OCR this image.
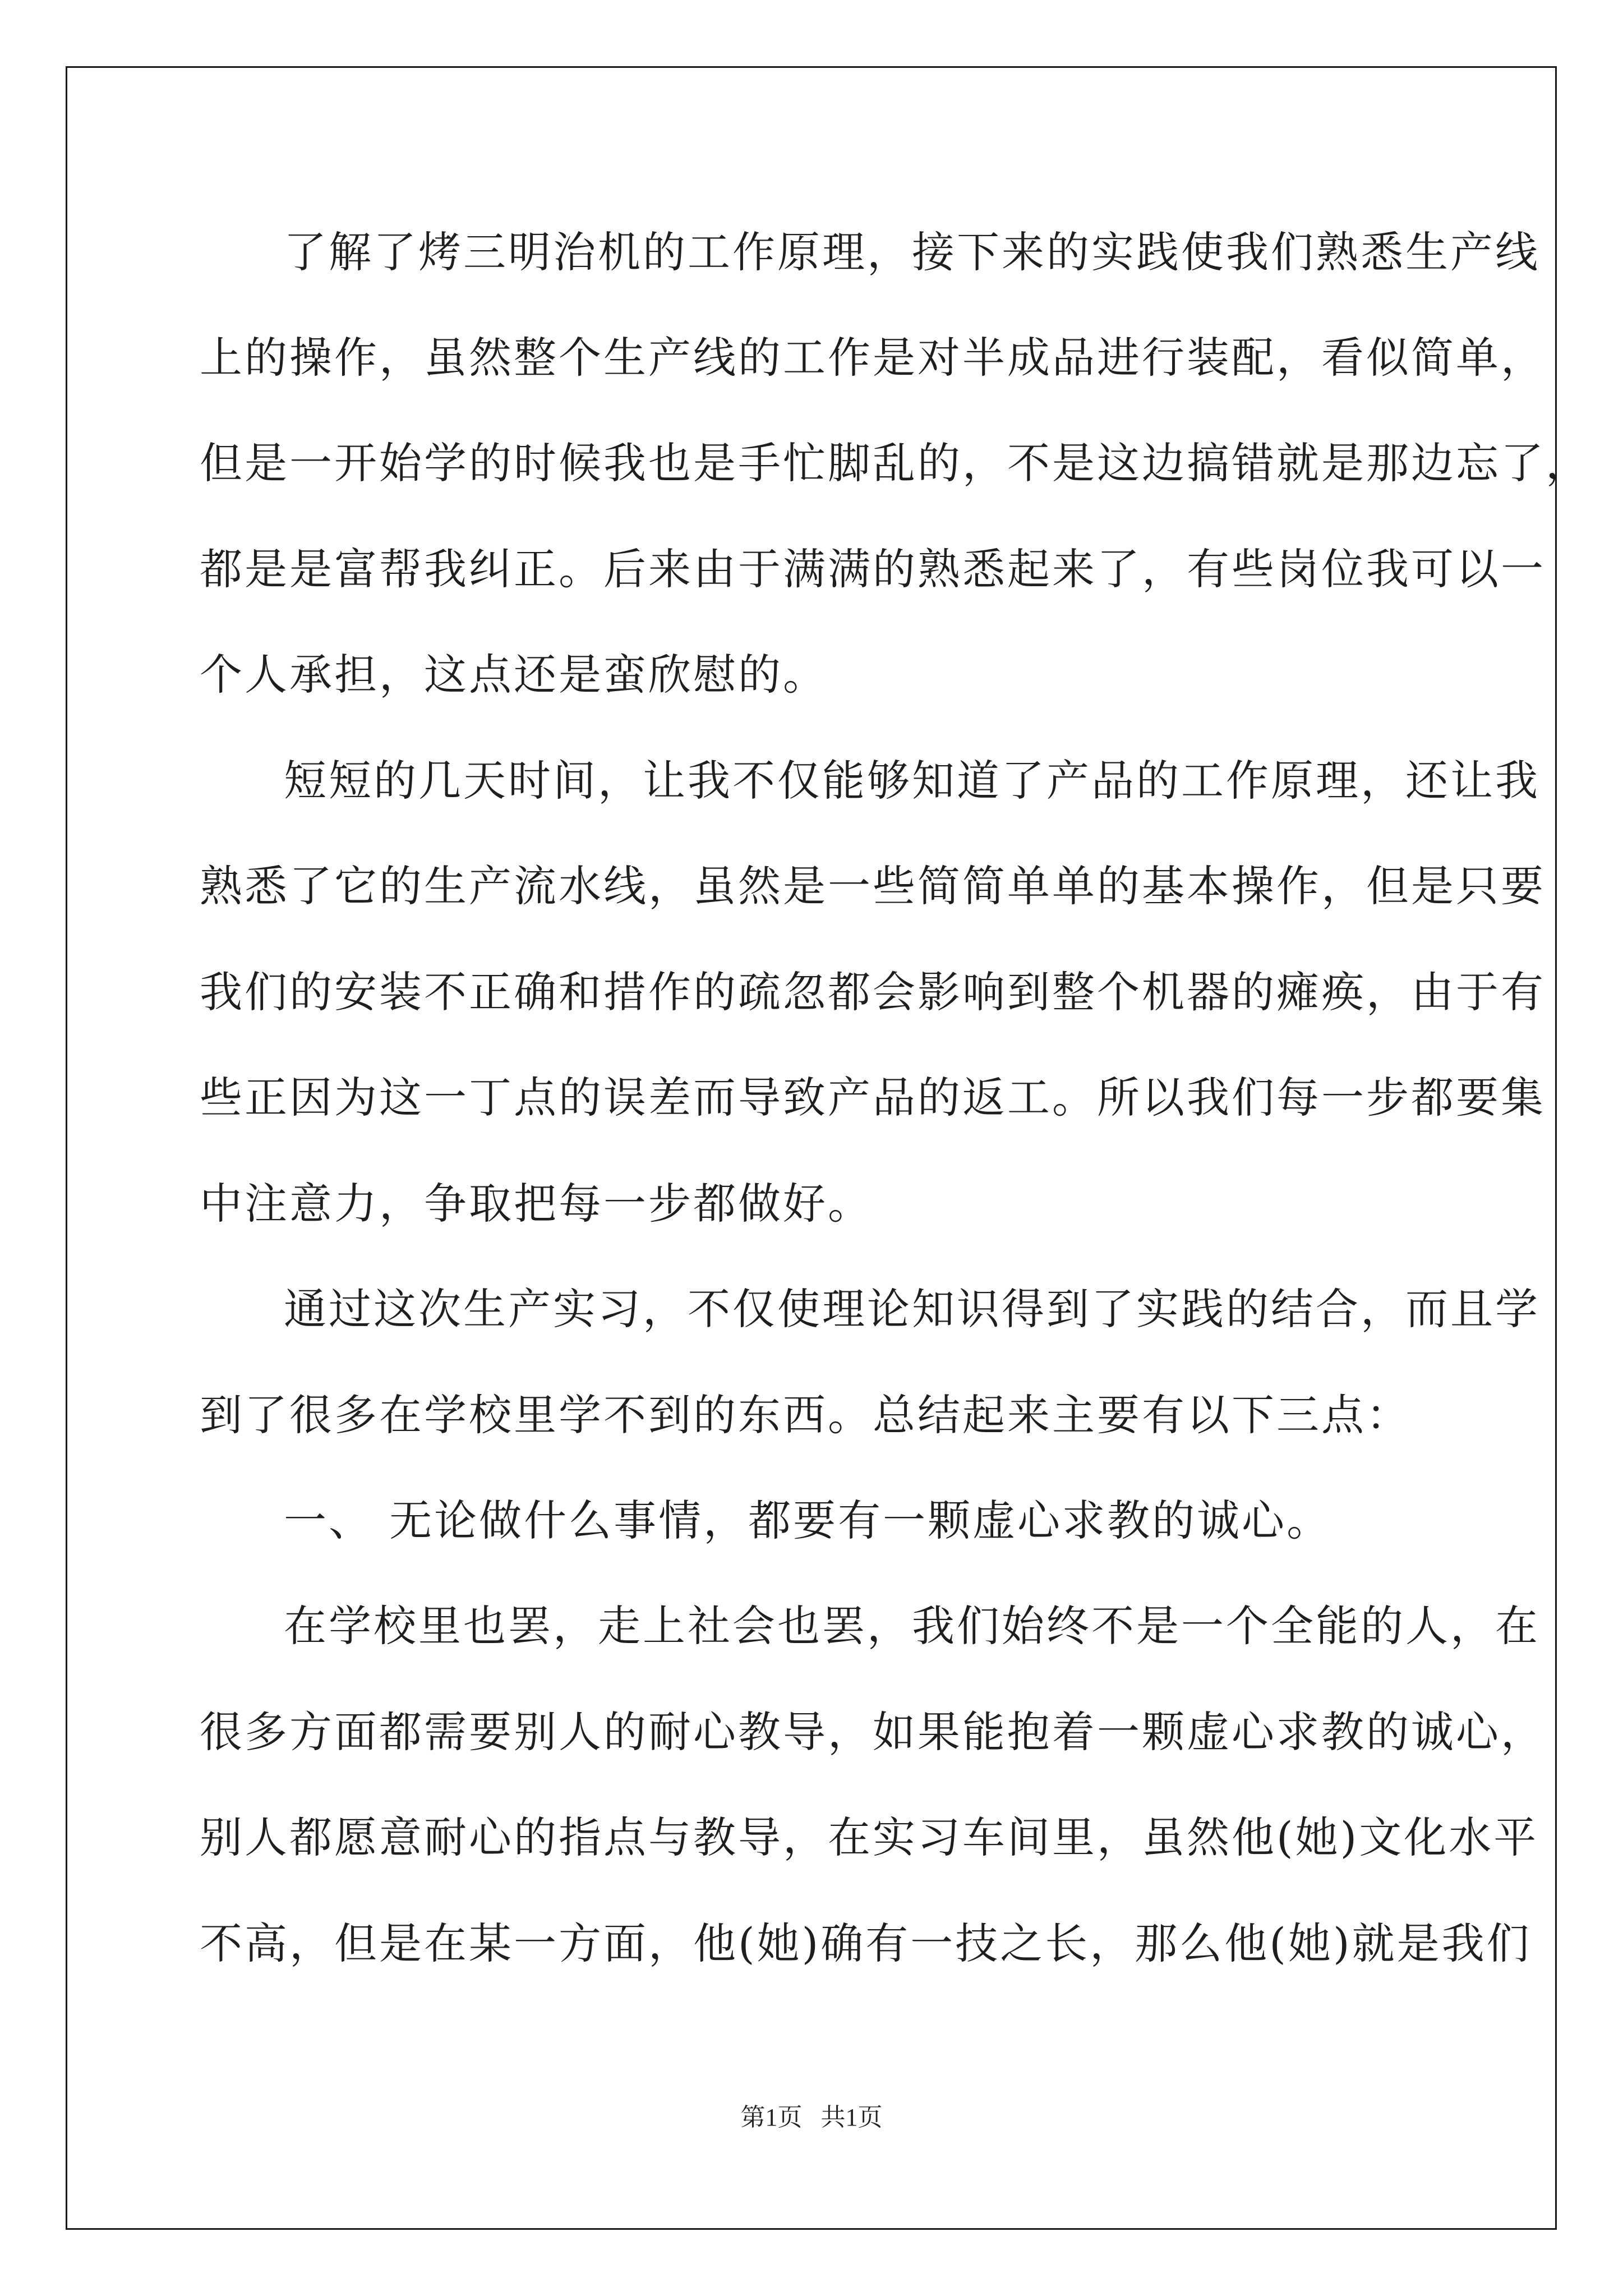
了解了烤三明治机的工作原理，接下来的实践使我们熟悉生产线
上的操作，虽然整个生产线的工作是对半成品进行装配，看似简单，
但是一开始学的时候我也是手忙脚乱的，不是这边搞错就是那边忘了，
都是是富帮我纠正。后来由于满满的熟悉起来了，有些岗位我可以一
个人承担，这点还是蛮欣慰的。
短短的几天时间，让我不仅能够知道了产品的工作原理，还让我
熟悉了它的生产流水线，虽然是一些简简单单的基本操作，但是只要
我们的安装不正确和措作的疏忽都会影响到整个机器的瘫痪，由于有
些正因为这一丁点的误差而导致产品的返工。所以我们每一步都要集
中注意力，争取把每一步都做好。
通过这次生产实习，不仅使理论知识得到了实践的结合，而且学
到了很多在学校里学不到的东西。总结起来主要有以下三点：
一、 无论做什么事情，都要有一颗虚心求教的诚心。
在学校里也罢，走上社会也罢，我们始终不是一个全能的人，在
很多方面都需要别人的耐心教导，如果能抱着一颗虚心求教的诚心，
别人都愿意耐心的指点与教导，在实习车间里，虽然他(她)文化水平
不高，但是在某一方面，他(她)确有一技之长，那么他(她)就是我们
第1页   共1页
